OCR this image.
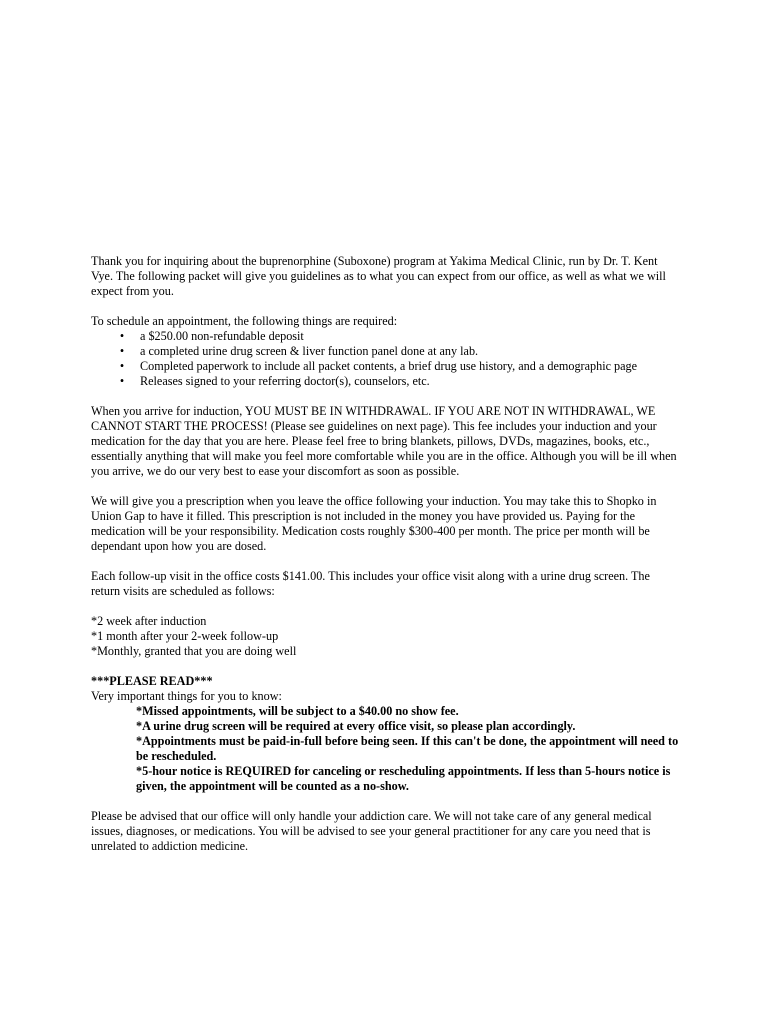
Thank you for inquiring about the buprenorphine (Suboxone) program at Yakima Medical Clinic, run by Dr. T. Kent Vye. The following packet will give you guidelines as to what you can expect from our office, as well as what we will expect from you.

To schedule an appointment, the following things are required:

• a $250.00 non-refundable deposit
• a completed urine drug screen & liver function panel done at any lab.
• Completed paperwork to include all packet contents, a brief drug use history, and a demographic page
• Releases signed to your referring doctor(s), counselors, etc.

When you arrive for induction, YOU MUST BE IN WITHDRAWAL. IF YOU ARE NOT IN WITHDRAWAL, WE CANNOT START THE PROCESS! (Please see guidelines on next page). This fee includes your induction and your medication for the day that you are here. Please feel free to bring blankets, pillows, DVDs, magazines, books, etc., essentially anything that will make you feel more comfortable while you are in the office. Although you will be ill when you arrive, we do our very best to ease your discomfort as soon as possible.

We will give you a prescription when you leave the office following your induction. You may take this to Shopko in Union Gap to have it filled. This prescription is not included in the money you have provided us. Paying for the medication will be your responsibility. Medication costs roughly $300-400 per month. The price per month will be dependant upon how you are dosed.

Each follow-up visit in the office costs $141.00. This includes your office visit along with a urine drug screen. The return visits are scheduled as follows:

*2 week after induction

*1 month after your 2-week follow-up

*Monthly, granted that you are doing well

***PLEASE READ***

Very important things for you to know:

*Missed appointments, will be subject to a $40.00 no show fee.

*A urine drug screen will be required at every office visit, so please plan accordingly.

*Appointments must be paid-in-full before being seen. If this can't be done, the appointment will need to be rescheduled.

*5-hour notice is REQUIRED for canceling or rescheduling appointments. If less than 5-hours notice is given, the appointment will be counted as a no-show.

Please be advised that our office will only handle your addiction care. We will not take care of any general medical issues, diagnoses, or medications. You will be advised to see your general practitioner for any care you need that is unrelated to addiction medicine.
